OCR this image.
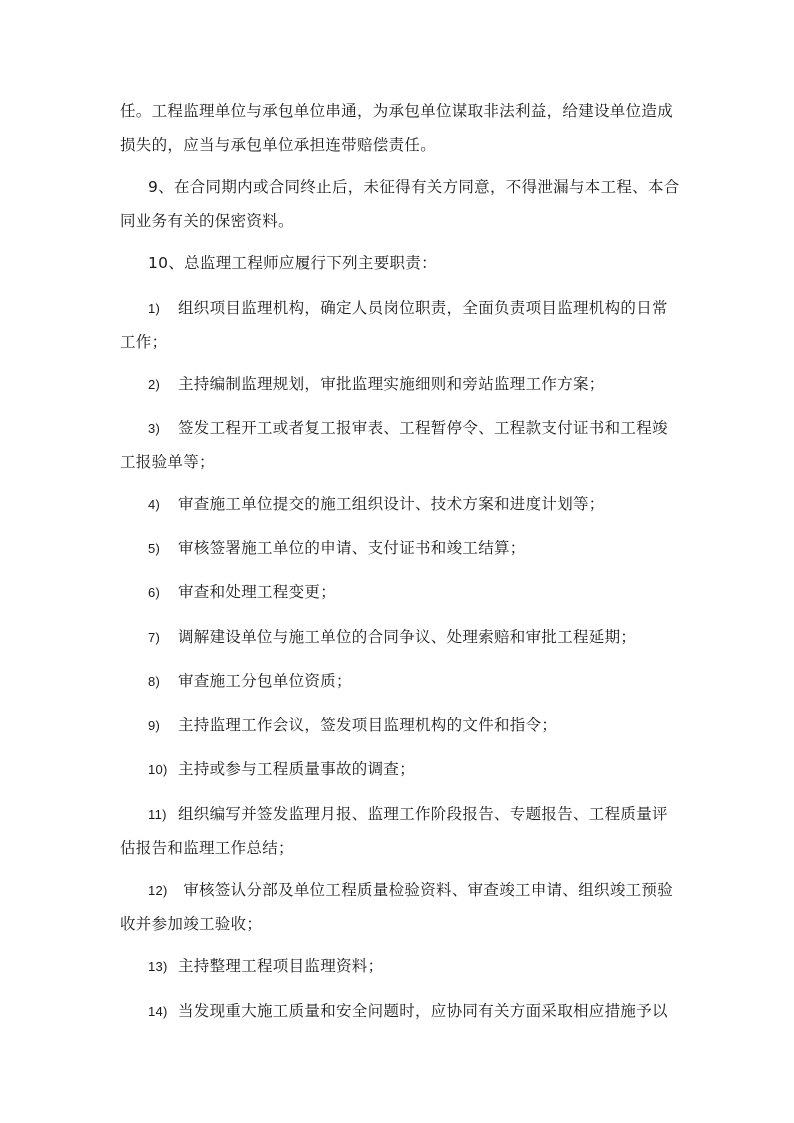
任。工程监理单位与承包单位串通，为承包单位谋取非法利益，给建设单位造成
损失的，应当与承包单位承担连带赔偿责任。

9、在合同期内或合同终止后，未征得有关方同意，不得泄漏与本工程、本合
同业务有关的保密资料。

10、总监理工程师应履行下列主要职责：

1) 组织项目监理机构，确定人员岗位职责，全面负责项目监理机构的日常
工作；

2) 主持编制监理规划，审批监理实施细则和旁站监理工作方案；

3) 签发工程开工或者复工报审表、工程暂停令、工程款支付证书和工程竣
工报验单等；

4) 审查施工单位提交的施工组织设计、技术方案和进度计划等；

5) 审核签署施工单位的申请、支付证书和竣工结算；

6) 审查和处理工程变更；

7) 调解建设单位与施工单位的合同争议、处理索赔和审批工程延期；

8) 审查施工分包单位资质；

9) 主持监理工作会议，签发项目监理机构的文件和指令；

10) 主持或参与工程质量事故的调查；

11) 组织编写并签发监理月报、监理工作阶段报告、专题报告、工程质量评
估报告和监理工作总结；

12) 审核签认分部及单位工程质量检验资料、审查竣工申请、组织竣工预验
收并参加竣工验收；

13) 主持整理工程项目监理资料；

14) 当发现重大施工质量和安全问题时，应协同有关方面采取相应措施予以
